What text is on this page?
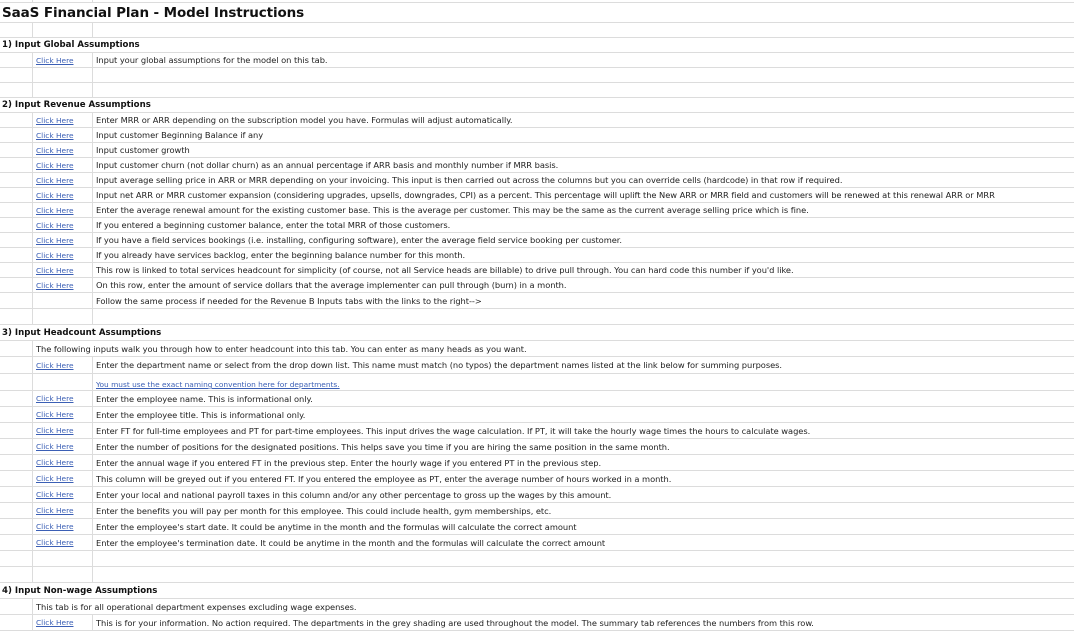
SaaS Financial Plan - Model Instructions
1) Input Global Assumptions
Click Here	Input your global assumptions for the model on this tab.
2) Input Revenue Assumptions
Click Here	Enter MRR or ARR depending on the subscription model you have. Formulas will adjust automatically.
Click Here	Input customer Beginning Balance if any
Click Here	Input customer growth
Click Here	Input customer churn (not dollar churn) as an annual percentage if ARR basis and monthly number if MRR basis.
Click Here	Input average selling price in ARR or MRR depending on your invoicing. This input is then carried out across the columns but you can override cells (hardcode) in that row if required.
Click Here	Input net ARR or MRR customer expansion (considering upgrades, upsells, downgrades, CPI) as a percent. This percentage will uplift the New ARR or MRR field and customers will be renewed at this renewal ARR or MRR
Click Here	Enter the average renewal amount for the existing customer base. This is the average per customer. This may be the same as the current average selling price which is fine.
Click Here	If you entered a beginning customer balance, enter the total MRR of those customers.
Click Here	If you have a field services bookings (i.e. installing, configuring software), enter the average field service booking per customer.
Click Here	If you already have services backlog, enter the beginning balance number for this month.
Click Here	This row is linked to total services headcount for simplicity (of course, not all Service heads are billable) to drive pull through. You can hard code this number if you'd like.
Click Here	On this row, enter the amount of service dollars that the average implementer can pull through (burn) in a month.
Follow the same process if needed for the Revenue B Inputs tabs with the links to the right-->
3) Input Headcount Assumptions
The following inputs walk you through how to enter headcount into this tab. You can enter as many heads as you want.
Click Here	Enter the department name or select from the drop down list. This name must match (no typos) the department names listed at the link below for summing purposes.
You must use the exact naming convention here for departments.
Click Here	Enter the employee name. This is informational only.
Click Here	Enter the employee title. This is informational only.
Click Here	Enter FT for full-time employees and PT for part-time employees. This input drives the wage calculation. If PT, it will take the hourly wage times the hours to calculate wages.
Click Here	Enter the number of positions for the designated positions. This helps save you time if you are hiring the same position in the same month.
Click Here	Enter the annual wage if you entered FT in the previous step. Enter the hourly wage if you entered PT in the previous step.
Click Here	This column will be greyed out if you entered FT. If you entered the employee as PT, enter the average number of hours worked in a month.
Click Here	Enter your local and national payroll taxes in this column and/or any other percentage to gross up the wages by this amount.
Click Here	Enter the benefits you will pay per month for this employee. This could include health, gym memberships, etc.
Click Here	Enter the employee's start date. It could be anytime in the month and the formulas will calculate the correct amount
Click Here	Enter the employee's termination date. It could be anytime in the month and the formulas will calculate the correct amount
4) Input Non-wage Assumptions
This tab is for all operational department expenses excluding wage expenses.
Click Here	This is for your information. No action required. The departments in the grey shading are used throughout the model. The summary tab references the numbers from this row.
